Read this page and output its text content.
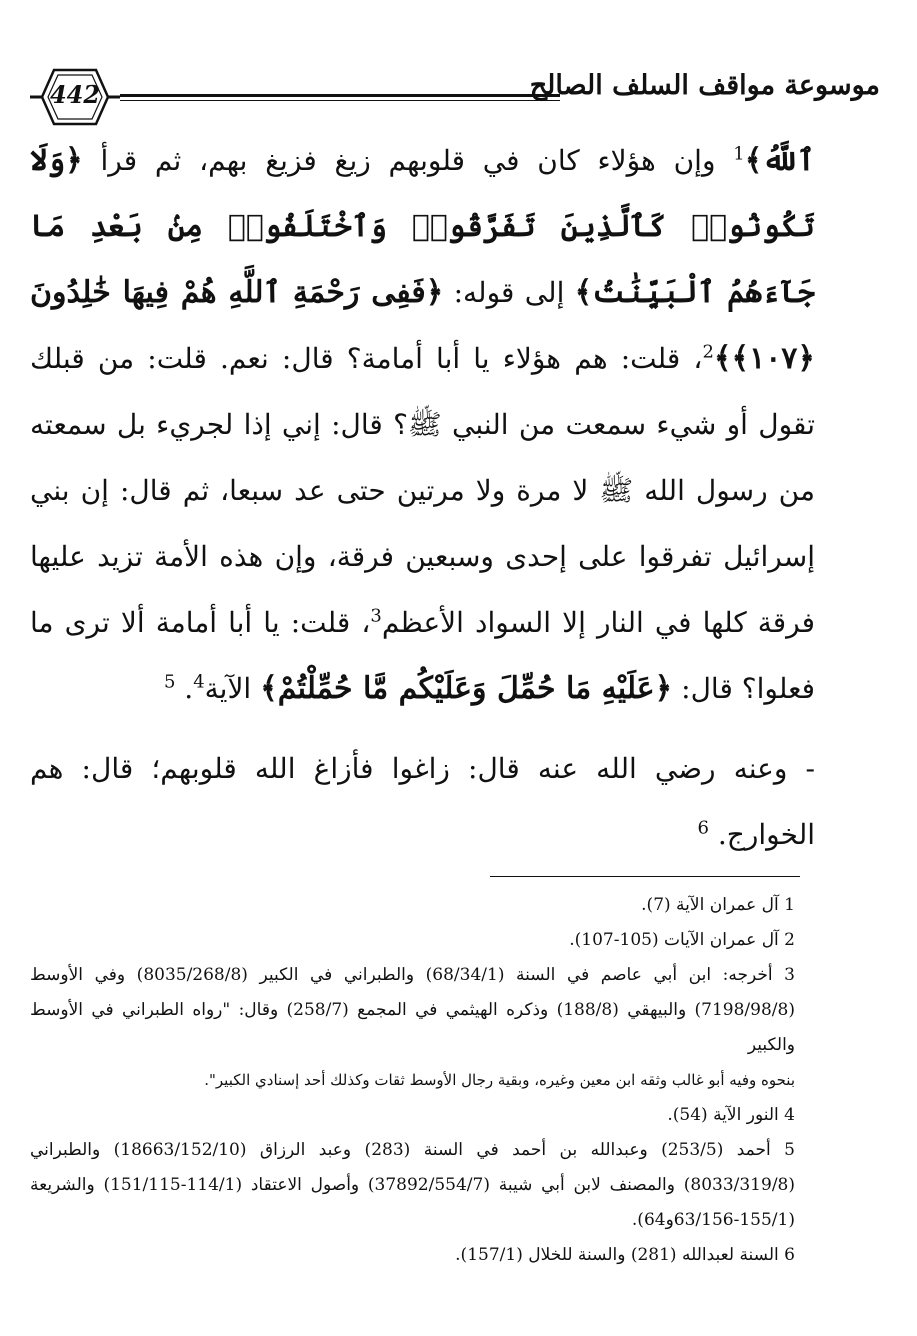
موسوعة مواقف السلف الصالح
442

ٱللَّهُ﴾$^1$ وإن هؤلاء كان في قلوبهم زيغ فزيغ بهم، ثم قرأ ﴿وَلَا تَكُونُوا۟ كَٱلَّذِينَ تَفَرَّقُوا۟ وَٱخْتَلَفُوا۟ مِنۢ بَعْدِ مَا جَآءَهُمُ ٱلْبَيِّنَٰتُ﴾ إلى قوله: ﴿فَفِى رَحْمَةِ ٱللَّهِ هُمْ فِيهَا خَٰلِدُونَ ﴿١٠٧﴾﴾$^2$، قلت: هم هؤلاء يا أبا أمامة؟ قال: نعم. قلت: من قبلك تقول أو شيء سمعت من النبي ﷺ؟ قال: إني إذا لجريء بل سمعته من رسول الله ﷺ لا مرة ولا مرتين حتى عد سبعا، ثم قال: إن بني إسرائيل تفرقوا على إحدى وسبعين فرقة، وإن هذه الأمة تزيد عليها فرقة كلها في النار إلا السواد الأعظم$^3$، قلت: يا أبا أمامة ألا ترى ما فعلوا؟ قال: ﴿عَلَيْهِ مَا حُمِّلَ وَعَلَيْكُم مَّا حُمِّلْتُمْ﴾ الآية$^4$. $^5$

- وعنه رضي الله عنه قال: زاغوا فأزاغ الله قلوبهم؛ قال: هم الخوارج. $^6$

1 آل عمران الآية (7).
2 آل عمران الآيات (105-107).
3 أخرجه: ابن أبي عاصم في السنة (68/34/1) والطبراني في الكبير (8035/268/8) وفي الأوسط (7198/98/8) والبيهقي (188/8) وذكره الهيثمي في المجمع (258/7) وقال: "رواه الطبراني في الأوسط والكبير
بنحوه وفيه أبو غالب وثقه ابن معين وغيره، وبقية رجال الأوسط ثقات وكذلك أحد إسنادي الكبير".
4 النور الآية (54).
5 أحمد (253/5) وعبدالله بن أحمد في السنة (283) وعبد الرزاق (18663/152/10) والطبراني (8033/319/8) والمصنف لابن أبي شيبة (37892/554/7) وأصول الاعتقاد (114/1-151/115) والشريعة (155/1-63/156و64).
6 السنة لعبدالله (281) والسنة للخلال (157/1).
